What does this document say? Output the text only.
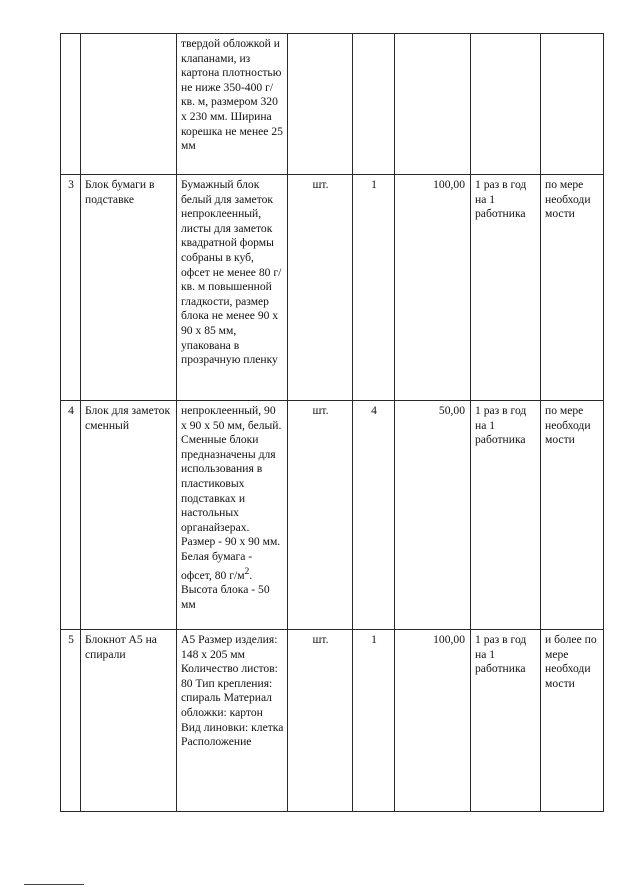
		твердой обложкой и клапанами, из картона плотностью не ниже 350-400 г/кв. м, размером 320 х 230 мм. Ширина корешка не менее 25 мм					
3	Блок бумаги в подставке	Бумажный блок белый для заметок непроклеенный, листы для заметок квадратной формы собраны в куб, офсет не менее 80 г/кв. м повышенной гладкости, размер блока не менее 90 х 90 х 85 мм, упакована в прозрачную пленку	шт.	1	100,00	1 раз в год на 1 работника	по мере необходи мости
4	Блок для заметок сменный	непроклеенный, 90 х 90 х 50 мм, белый. Сменные блоки предназначены для использования в пластиковых подставках и настольных органайзерах. Размер - 90 х 90 мм. Белая бумага - офсет, 80 $г/м^2$. Высота блока - 50 мм	шт.	4	50,00	1 раз в год на 1 работника	по мере необходи мости
5	Блокнот А5 на спирали	А5 Размер изделия: 148 х 205 мм Количество листов: 80 Тип крепления: спираль Материал обложки: картон Вид линовки: клетка Расположение	шт.	1	100,00	1 раз в год на 1 работника	и более по мере необходи мости
